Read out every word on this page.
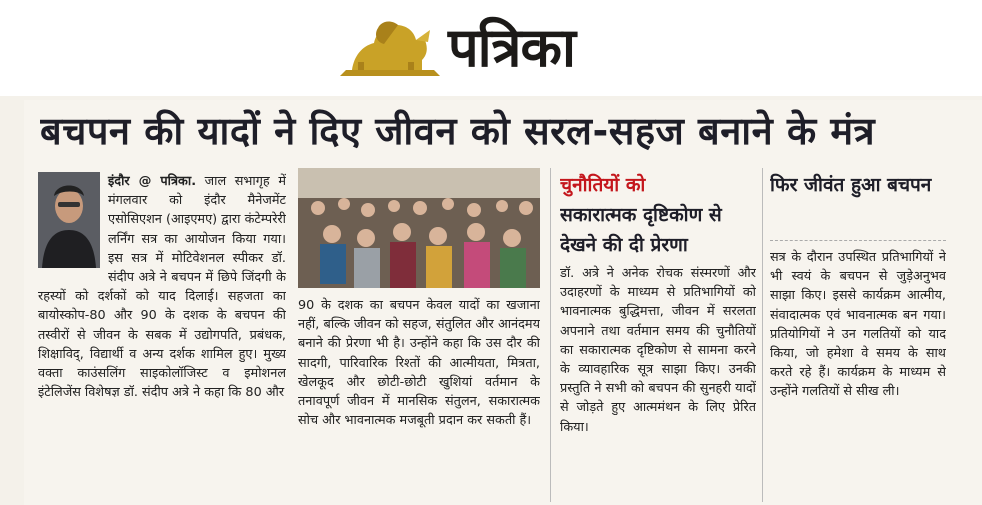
पत्रिका
बचपन की यादों ने दिए जीवन को सरल-सहज बनाने के मंत्र
इंदौर @ पत्रिका. जाल सभागृह में मंगलवार को इंदौर मैनेजमेंट एसोसिएशन (आइएमए) द्वारा कंटेम्परेरी लर्निंग सत्र का आयोजन किया गया। इस सत्र में मोटिवेशनल स्पीकर डॉ. संदीप अत्रे ने बचपन में छिपे जिंदगी के रहस्यों को दर्शकों को याद दिलाई। सहजता का बायोस्कोप-80 और 90 के दशक के बचपन की तस्वीरों से जीवन के सबक में उद्योगपति, प्रबंधक, शिक्षाविद्, विद्यार्थी व अन्य दर्शक शामिल हुए। मुख्य वक्ता काउंसलिंग साइकोलॉजिस्ट व इमोशनल इंटेलिजेंस विशेषज्ञ डॉ. संदीप अत्रे ने कहा कि 80 और
90 के दशक का बचपन केवल यादों का खजाना नहीं, बल्कि जीवन को सहज, संतुलित और आनंदमय बनाने की प्रेरणा भी है। उन्होंने कहा कि उस दौर की सादगी, पारिवारिक रिश्तों की आत्मीयता, मित्रता, खेलकूद और छोटी-छोटी खुशियां वर्तमान के तनावपूर्ण जीवन में मानसिक संतुलन, सकारात्मक सोच और भावनात्मक मजबूती प्रदान कर सकती हैं।
चुनौतियों को
सकारात्मक दृष्टिकोण से देखने की दी प्रेरणा
डॉ. अत्रे ने अनेक रोचक संस्मरणों और उदाहरणों के माध्यम से प्रतिभागियों को भावनात्मक बुद्धिमत्ता, जीवन में सरलता अपनाने तथा वर्तमान समय की चुनौतियों का सकारात्मक दृष्टिकोण से सामना करने के व्यावहारिक सूत्र साझा किए। उनकी प्रस्तुति ने सभी को बचपन की सुनहरी यादों से जोड़ते हुए आत्ममंथन के लिए प्रेरित किया।
फिर जीवंत हुआ बचपन
सत्र के दौरान उपस्थित प्रतिभागियों ने भी स्वयं के बचपन से जुड़ेअनुभव साझा किए। इससे कार्यक्रम आत्मीय, संवादात्मक एवं भावनात्मक बन गया। प्रतियोगियों ने उन गलतियों को याद किया, जो हमेशा वे समय के साथ करते रहे हैं। कार्यक्रम के माध्यम से उन्होंने गलतियों से सीख ली।
